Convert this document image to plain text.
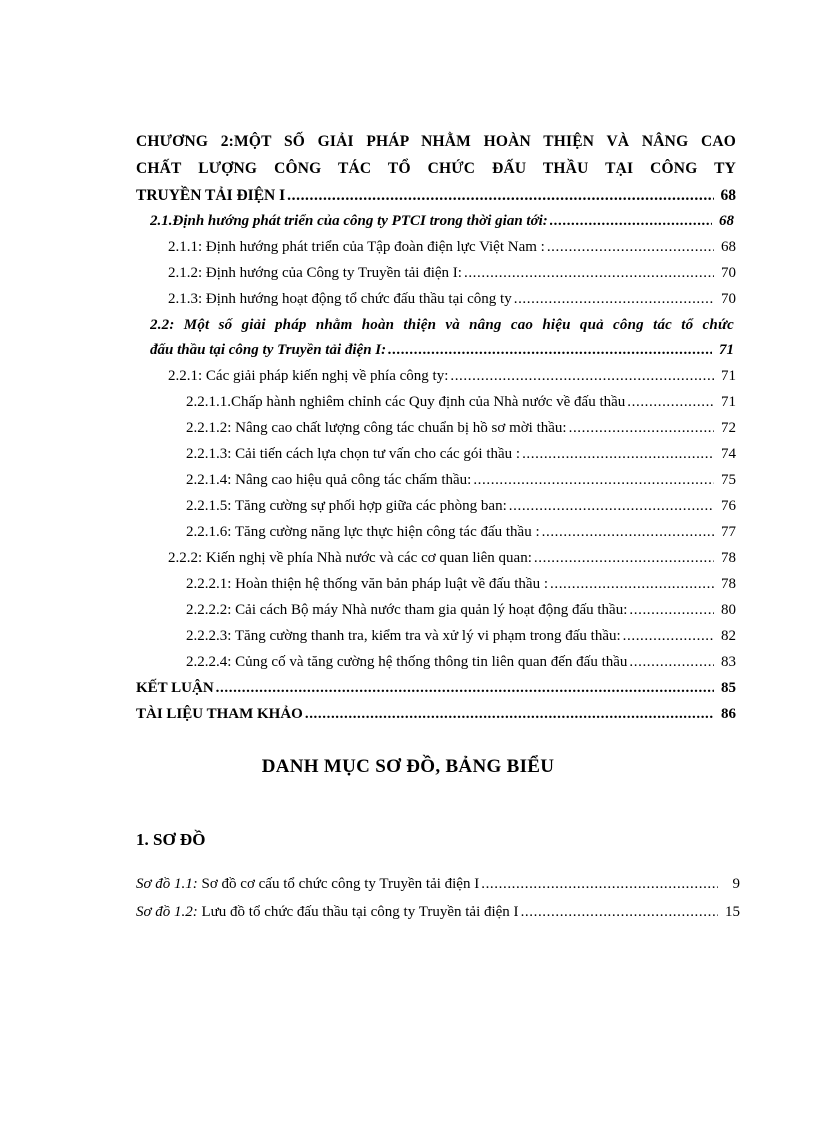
CHƯƠNG 2:MỘT SỐ GIẢI PHÁP NHẰM HOÀN THIỆN VÀ NÂNG CAO
CHẤT LƯỢNG CÔNG TÁC TỔ CHỨC ĐẤU THẦU TẠI CÔNG TY
TRUYỀN TẢI ĐIỆN I .....	68
2.1.Định hướng phát triển của công ty PTCI trong thời gian tới: .....	68
2.1.1: Định hướng phát triển của Tập đoàn điện lực Việt Nam : .....	68
2.1.2: Định hướng của Công ty Truyền tải điện I: .....	70
2.1.3: Định hướng hoạt động tổ chức đấu thầu tại công ty .....	70
2.2: Một số giải pháp nhằm hoàn thiện và nâng cao hiệu quả công tác tổ chức
đấu thầu tại công ty Truyền tải điện I: .....	71
2.2.1: Các giải pháp kiến nghị về phía công ty: .....	71
2.2.1.1.Chấp hành nghiêm chỉnh các Quy định của Nhà nước về đấu thầu .....	71
2.2.1.2: Nâng cao chất lượng công tác chuẩn bị hồ sơ mời thầu: .....	72
2.2.1.3: Cải tiến cách lựa chọn tư vấn cho các gói thầu : .....	74
2.2.1.4: Nâng cao hiệu quả công tác chấm thầu: .....	75
2.2.1.5: Tăng cường sự phối hợp giữa các phòng ban: .....	76
2.2.1.6: Tăng cường năng lực thực hiện công tác đấu thầu : .....	77
2.2.2: Kiến nghị về phía Nhà nước và các cơ quan liên quan: .....	78
2.2.2.1: Hoàn thiện hệ thống văn bản pháp luật về đấu thầu : .....	78
2.2.2.2: Cải cách Bộ máy Nhà nước tham gia quản lý hoạt động đấu thầu: .....	80
2.2.2.3: Tăng cường thanh tra, kiểm tra và xử lý vi phạm trong đấu thầu: .....	82
2.2.2.4: Củng cố và tăng cường hệ thống thông tin liên quan đến đấu thầu .....	83
KẾT LUẬN .....	85
TÀI LIỆU THAM KHẢO .....	86
DANH MỤC SƠ ĐỒ, BẢNG BIỂU
1. SƠ ĐỒ
Sơ đồ 1.1: Sơ đồ cơ cấu tổ chức công ty Truyền tải điện I .....	9
Sơ đồ 1.2: Lưu đồ tổ chức đấu thầu tại công ty Truyền tải điện I .....	15
